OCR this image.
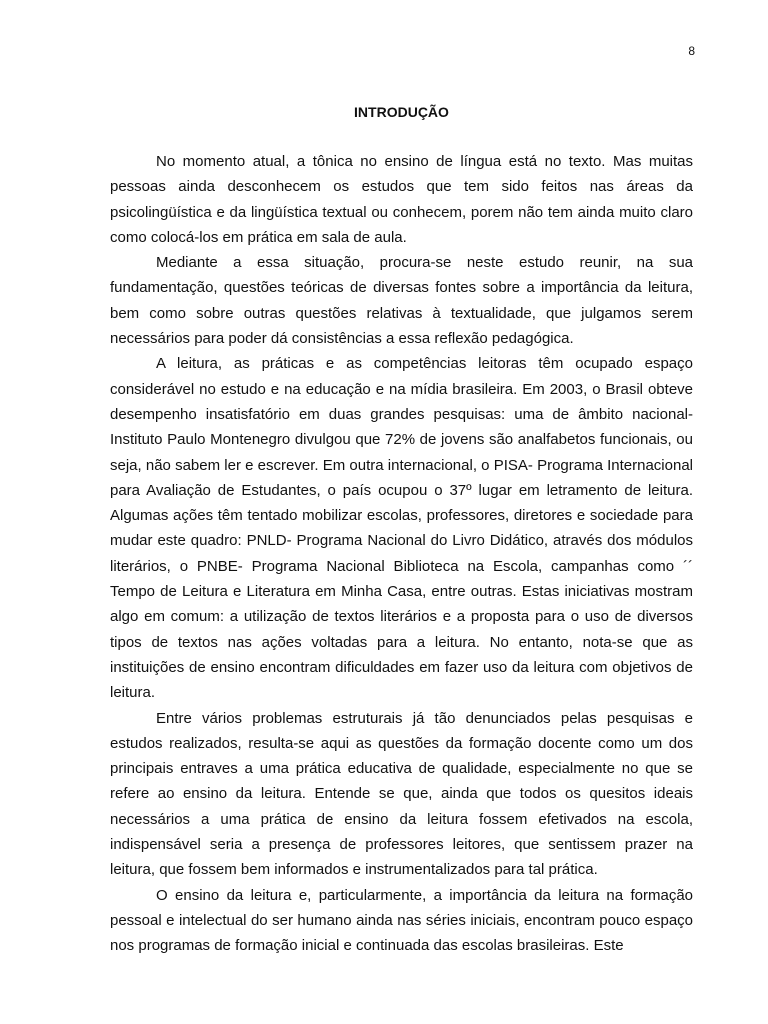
8
INTRODUÇÃO

No momento atual, a tônica no ensino de língua está no texto. Mas muitas pessoas ainda desconhecem os estudos que tem sido feitos nas áreas da psicolingüística e da lingüística textual ou conhecem, porem não tem ainda muito claro como colocá-los em prática em sala de aula.

Mediante a essa situação, procura-se neste estudo reunir, na sua fundamentação, questões teóricas de diversas fontes sobre a importância da leitura, bem como sobre outras questões relativas à textualidade, que julgamos serem necessários para poder dá consistências a essa reflexão pedagógica.

A leitura, as práticas e as competências leitoras têm ocupado espaço considerável no estudo e na educação e na mídia brasileira. Em 2003, o Brasil obteve desempenho insatisfatório em duas grandes pesquisas: uma de âmbito nacional- Instituto Paulo Montenegro divulgou que 72% de jovens são analfabetos funcionais, ou seja, não sabem ler e escrever. Em outra internacional, o PISA- Programa Internacional para Avaliação de Estudantes, o país ocupou o 37º lugar em letramento de leitura. Algumas ações têm tentado mobilizar escolas, professores, diretores e sociedade para mudar este quadro: PNLD- Programa Nacional do Livro Didático, através dos módulos literários, o PNBE- Programa Nacional Biblioteca na Escola, campanhas como ´´ Tempo de Leitura e Literatura em Minha Casa, entre outras. Estas iniciativas mostram algo em comum: a utilização de textos literários e a proposta para o uso de diversos tipos de textos nas ações voltadas para a leitura. No entanto, nota-se que as instituições de ensino encontram dificuldades em fazer uso da leitura com objetivos de leitura.

Entre vários problemas estruturais já tão denunciados pelas pesquisas e estudos realizados, resulta-se aqui as questões da formação docente como um dos principais entraves a uma prática educativa de qualidade, especialmente no que se refere ao ensino da leitura. Entende se que, ainda que todos os quesitos ideais necessários a uma prática de ensino da leitura fossem efetivados na escola, indispensável seria a presença de professores leitores, que sentissem prazer na leitura, que fossem bem informados e instrumentalizados para tal prática.

O ensino da leitura e, particularmente, a importância da leitura na formação pessoal e intelectual do ser humano ainda nas séries iniciais, encontram pouco espaço nos programas de formação inicial e continuada das escolas brasileiras. Este
